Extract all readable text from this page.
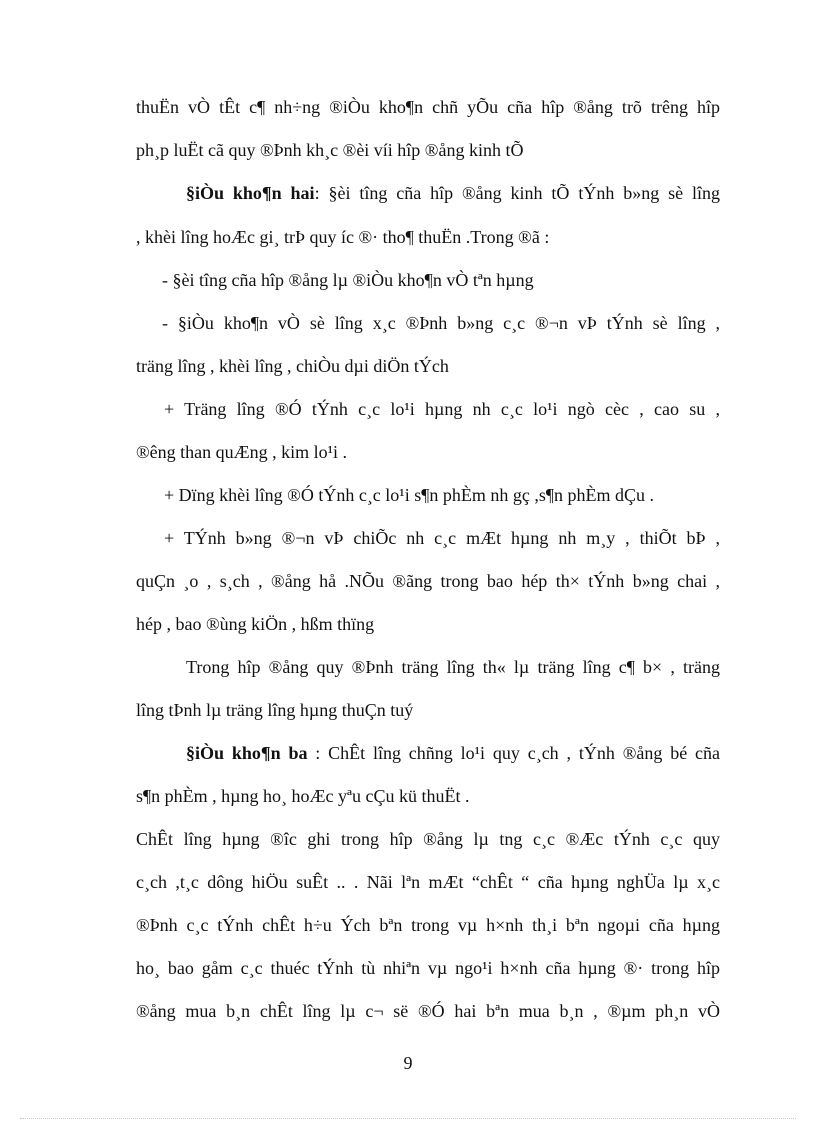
thuËn vÒ tÊt c¶ nh÷ng ®iÒu kho¶n chñ yÕu cña hîp ®ång trõ trêng hîp
ph¸p luËt cã quy ®Þnh kh¸c ®èi víi hîp ®ång kinh tÕ
§iÒu kho¶n hai: §èi tîng cña hîp ®ång kinh tÕ tÝnh b»ng sè lîng
, khèi lîng hoÆc gi¸ trÞ quy íc ®· tho¶ thuËn .Trong ®ã :
- §èi tîng cña hîp ®ång lµ ®iÒu kho¶n vÒ tªn hµng
- §iÒu kho¶n vÒ sè lîng x¸c ®Þnh b»ng c¸c ®¬n vÞ tÝnh sè lîng ,
träng lîng , khèi lîng , chiÒu dµi diÖn tÝch
+ Träng lîng ®Ó tÝnh c¸c lo¹i hµng nh c¸c lo¹i ngò cèc , cao su ,
®êng than quÆng , kim lo¹i .
+ Dïng khèi lîng ®Ó tÝnh c¸c lo¹i s¶n phÈm nh gç ,s¶n phÈm dÇu .
+ TÝnh b»ng ®¬n vÞ chiÕc nh c¸c mÆt hµng nh m¸y , thiÕt bÞ ,
quÇn ¸o , s¸ch , ®ång hå .NÕu ®ãng trong bao hép th× tÝnh b»ng chai ,
hép , bao ®ùng kiÖn , hßm thïng
Trong hîp ®ång quy ®Þnh träng lîng th« lµ träng lîng c¶ b× , träng
lîng tÞnh lµ träng lîng hµng thuÇn tuý
§iÒu kho¶n ba : ChÊt lîng chñng lo¹i quy c¸ch , tÝnh ®ång bé cña
s¶n phÈm , hµng ho¸ hoÆc yªu cÇu kü thuËt .
ChÊt lîng hµng ®îc ghi trong hîp ®ång lµ tng c¸c ®Æc tÝnh c¸c quy
c¸ch ,t¸c dông hiÖu suÊt .. . Nãi lªn mÆt “chÊt “ cña hµng nghÜa lµ x¸c
®Þnh c¸c tÝnh chÊt h÷u Ých bªn trong vµ h×nh th¸i bªn ngoµi cña hµng
ho¸ bao gåm c¸c thuéc tÝnh tù nhiªn vµ ngo¹i h×nh cña hµng ®· trong hîp
®ång mua b¸n chÊt lîng lµ c¬ së ®Ó hai bªn mua b¸n , ®µm ph¸n vÒ
9
